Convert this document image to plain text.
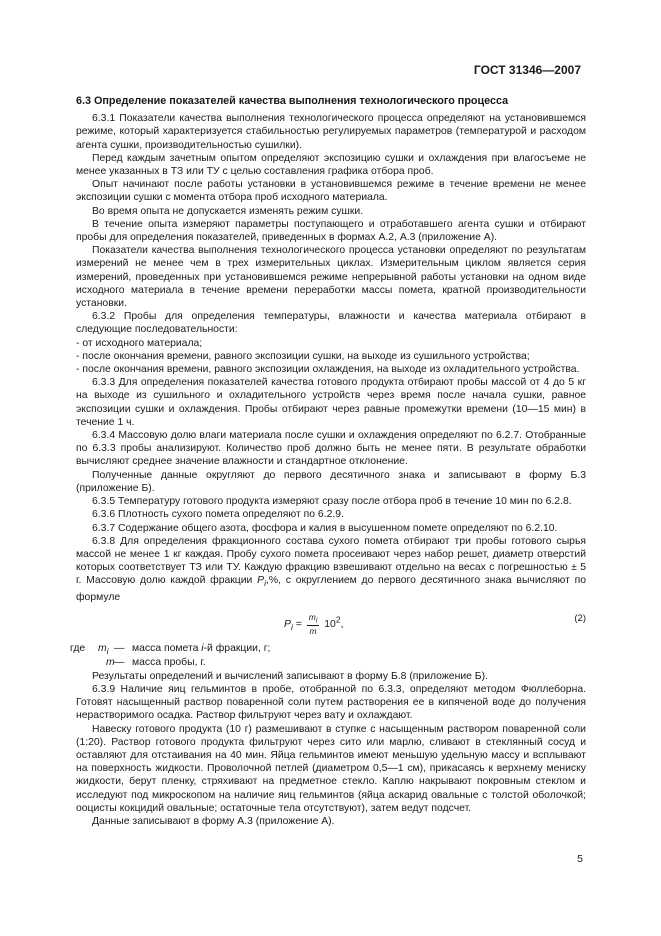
ГОСТ 31346—2007
6.3 Определение показателей качества выполнения технологического процесса

6.3.1 Показатели качества выполнения технологического процесса определяют на установившемся режиме, который характеризуется стабильностью регулируемых параметров (температурой и расходом агента сушки, производительностью сушилки).

Перед каждым зачетным опытом определяют экспозицию сушки и охлаждения при влагосъеме не менее указанных в ТЗ или ТУ с целью составления графика отбора проб.

Опыт начинают после работы установки в установившемся режиме в течение времени не менее экспозиции сушки с момента отбора проб исходного материала.

Во время опыта не допускается изменять режим сушки.

В течение опыта измеряют параметры поступающего и отработавшего агента сушки и отбирают пробы для определения показателей, приведенных в формах А.2, А.3 (приложение А).

Показатели качества выполнения технологического процесса установки определяют по результатам измерений не менее чем в трех измерительных циклах. Измерительным циклом является серия измерений, проведенных при установившемся режиме непрерывной работы установки на одном виде исходного материала в течение времени переработки массы помета, кратной производительности установки.

6.3.2 Пробы для определения температуры, влажности и качества материала отбирают в следующие последовательности:

- от исходного материала;

- после окончания времени, равного экспозиции сушки, на выходе из сушильного устройства;

- после окончания времени, равного экспозиции охлаждения, на выходе из охладительного устройства.

6.3.3 Для определения показателей качества готового продукта отбирают пробы массой от 4 до 5 кг на выходе из сушильного и охладительного устройств через время после начала сушки, равное экспозиции сушки и охлаждения. Пробы отбирают через равные промежутки времени (10—15 мин) в течение 1 ч.

6.3.4 Массовую долю влаги материала после сушки и охлаждения определяют по 6.2.7. Отобранные по 6.3.3 пробы анализируют. Количество проб должно быть не менее пяти. В результате обработки вычисляют среднее значение влажности и стандартное отклонение.

Полученные данные округляют до первого десятичного знака и записывают в форму Б.3 (приложение Б).

6.3.5 Температуру готового продукта измеряют сразу после отбора проб в течение 10 мин по 6.2.8.

6.3.6 Плотность сухого помета определяют по 6.2.9.

6.3.7 Содержание общего азота, фосфора и калия в высушенном помете определяют по 6.2.10.

6.3.8 Для определения фракционного состава сухого помета отбирают три пробы готового сырья массой не менее 1 кг каждая. Пробу сухого помета просеивают через набор решет, диаметр отверстий которых соответствует ТЗ или ТУ. Каждую фракцию взвешивают отдельно на весах с погрешностью ± 5 г. Массовую долю каждой фракции $P_i,\%$, с округлением до первого десятичного знака вычисляют по формуле

$P_i = \frac{m_i}{m} 10^2$,
(2)
где $m_i$ — масса помета i-й фракции, г;
m — масса пробы, г.

Результаты определений и вычислений записывают в форму Б.8 (приложение Б).

6.3.9 Наличие яиц гельминтов в пробе, отобранной по 6.3.3, определяют методом Фюллеборна. Готовят насыщенный раствор поваренной соли путем растворения ее в кипяченой воде до получения нерастворимого осадка. Раствор фильтруют через вату и охлаждают.

Навеску готового продукта (10 г) размешивают в ступке с насыщенным раствором поваренной соли (1:20). Раствор готового продукта фильтруют через сито или марлю, сливают в стеклянный сосуд и оставляют для отстаивания на 40 мин. Яйца гельминтов имеют меньшую удельную массу и всплывают на поверхность жидкости. Проволочной петлей (диаметром 0,5—1 см), прикасаясь к верхнему мениску жидкости, берут пленку, стряхивают на предметное стекло. Каплю накрывают покровным стеклом и исследуют под микроскопом на наличие яиц гельминтов (яйца аскарид овальные с толстой оболочкой; ооцисты кокцидий овальные; остаточные тела отсутствуют), затем ведут подсчет.

Данные записывают в форму А.3 (приложение А).

5
